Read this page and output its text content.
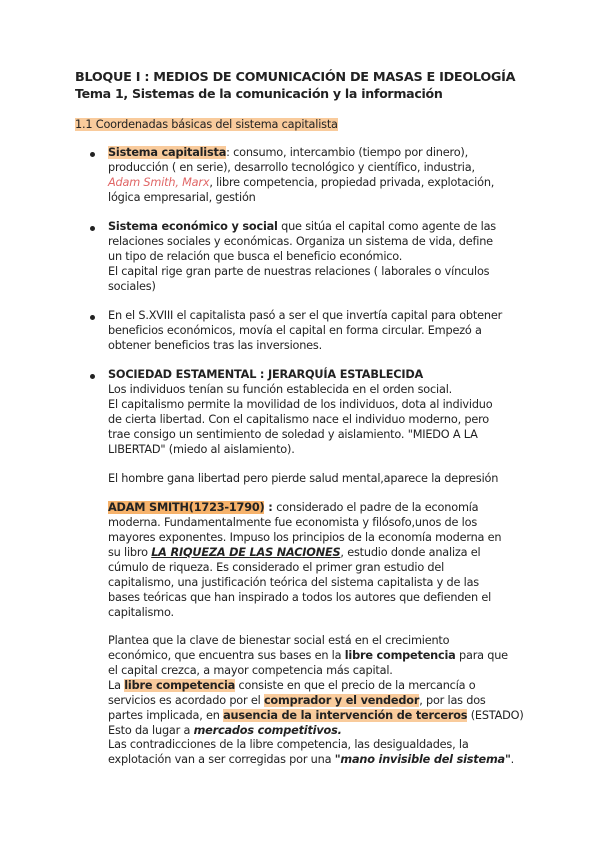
BLOQUE I : MEDIOS DE COMUNICACIÓN DE MASAS E IDEOLOGÍA
Tema 1, Sistemas de la comunicación y la información
1.1 Coordenadas básicas del sistema capitalista
Sistema capitalista: consumo, intercambio (tiempo por dinero),
producción ( en serie), desarrollo tecnológico y científico, industria,
Adam Smith, Marx, libre competencia, propiedad privada, explotación,
lógica empresarial, gestión
Sistema económico y social que sitúa el capital como agente de las
relaciones sociales y económicas. Organiza un sistema de vida, define
un tipo de relación que busca el beneficio económico.
El capital rige gran parte de nuestras relaciones ( laborales o vínculos
sociales)
En el S.XVIII el capitalista pasó a ser el que invertía capital para obtener
beneficios económicos, movía el capital en forma circular. Empezó a
obtener beneficios tras las inversiones.
SOCIEDAD ESTAMENTAL : JERARQUÍA ESTABLECIDA
Los individuos tenían su función establecida en el orden social.
El capitalismo permite la movilidad de los individuos, dota al individuo
de cierta libertad. Con el capitalismo nace el individuo moderno, pero
trae consigo un sentimiento de soledad y aislamiento. "MIEDO A LA
LIBERTAD" (miedo al aislamiento).
El hombre gana libertad pero pierde salud mental,aparece la depresión
ADAM SMITH(1723-1790) : considerado el padre de la economía
moderna. Fundamentalmente fue economista y filósofo,unos de los
mayores exponentes. Impuso los principios de la economía moderna en
su libro LA RIQUEZA DE LAS NACIONES, estudio donde analiza el
cúmulo de riqueza. Es considerado el primer gran estudio del
capitalismo, una justificación teórica del sistema capitalista y de las
bases teóricas que han inspirado a todos los autores que defienden el
capitalismo.
Plantea que la clave de bienestar social está en el crecimiento
económico, que encuentra sus bases en la libre competencia para que
el capital crezca, a mayor competencia más capital.
La libre competencia consiste en que el precio de la mercancía o
servicios es acordado por el comprador y el vendedor, por las dos
partes implicada, en ausencia de la intervención de terceros (ESTADO)
Esto da lugar a mercados competitivos.
Las contradicciones de la libre competencia, las desigualdades, la
explotación van a ser corregidas por una "mano invisible del sistema".
